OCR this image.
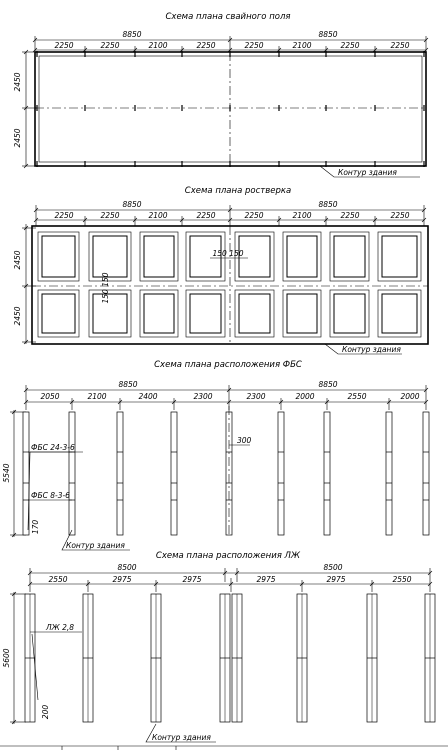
Схема плана свайного поля
8850	8850
2250	2250	2100	2250	2250	2100	2250	2250
2450
2450
Контур здания
Схема плана ростверка
8850	8850
2250	2250	2100	2250	2250	2100	2250	2250
2450
2450
150 150
150 150
Контур здания
Схема плана расположения ФБС
8850	8850
2050	2100	2400	2300	2300	2000	2550	2000
5540
ФБС 24-3-6
ФБС 8-3-6
300
170
Контур здания
Схема плана расположения ЛЖ
8500	8500
2550	2975	2975	2975	2975	2550
5600
ЛЖ 2,8
200
Контур здания
